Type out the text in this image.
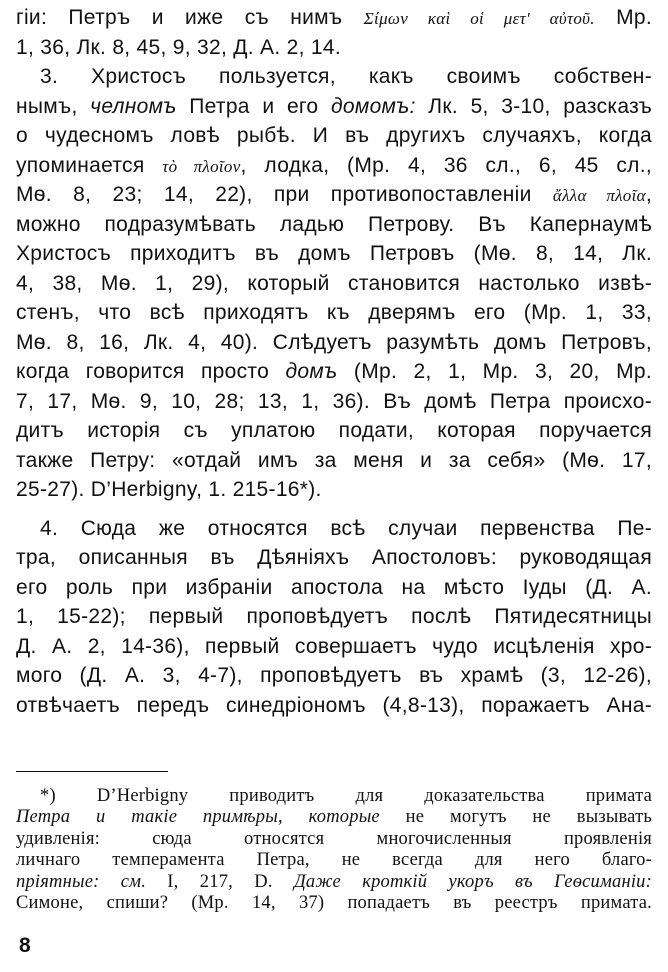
гіи: Петръ и иже съ нимъ Σίμων καὶ οἱ μετ' αὐτοῦ. Мр.
1, 36, Лк. 8, 45, 9, 32, Д. А. 2, 14.
3. Христосъ пользуется, какъ своимъ собствен-
нымъ, челномъ Петра и его домомъ: Лк. 5, 3-10, разсказъ
о чудесномъ ловѣ рыбѣ. И въ другихъ случаяхъ, когда
упоминается τὸ πλοῖον, лодка, (Мр. 4, 36 сл., 6, 45 сл.,
Мѳ. 8, 23; 14, 22), при противопоставленіи ἄλλα πλοῖα,
можно подразумѣвать ладью Петрову. Въ Капернаумѣ
Христосъ приходитъ въ домъ Петровъ (Мѳ. 8, 14, Лк.
4, 38, Мѳ. 1, 29), который становится настолько извѣ-
стенъ, что всѣ приходятъ къ дверямъ его (Мр. 1, 33,
Мѳ. 8, 16, Лк. 4, 40). Слѣдуетъ разумѣть домъ Петровъ,
когда говорится просто домъ (Мр. 2, 1, Мр. 3, 20, Мр.
7, 17, Мѳ. 9, 10, 28; 13, 1, 36). Въ домѣ Петра происхо-
дитъ исторія съ уплатою подати, которая поручается
также Петру: «отдай имъ за меня и за себя» (Мѳ. 17,
25-27). D’Herbigny, 1. 215-16*).
4. Сюда же относятся всѣ случаи первенства Пе-
тра, описанныя въ Дѣяніяхъ Апостоловъ: руководящая
его роль при избраніи апостола на мѣсто Іуды (Д. А.
1, 15-22); первый проповѣдуетъ послѣ Пятидесятницы
Д. А. 2, 14-36), первый совершаетъ чудо исцѣленія хро-
мого (Д. А. 3, 4-7), проповѣдуетъ въ храмѣ (3, 12-26),
отвѣчаетъ передъ синедріономъ (4,8-13), поражаетъ Ана-
*) D’Herbigny приводитъ для доказательства примата
Петра и такіе примѣры, которые не могутъ не вызывать
удивленія: сюда относятся многочисленныя проявленія
личнаго темперамента Петра, не всегда для него благо-
пріятные: см. I, 217, D. Даже кроткій укоръ въ Геѳсиманіи:
Симоне, спиши? (Мр. 14, 37) попадаетъ въ реестръ примата.
8
